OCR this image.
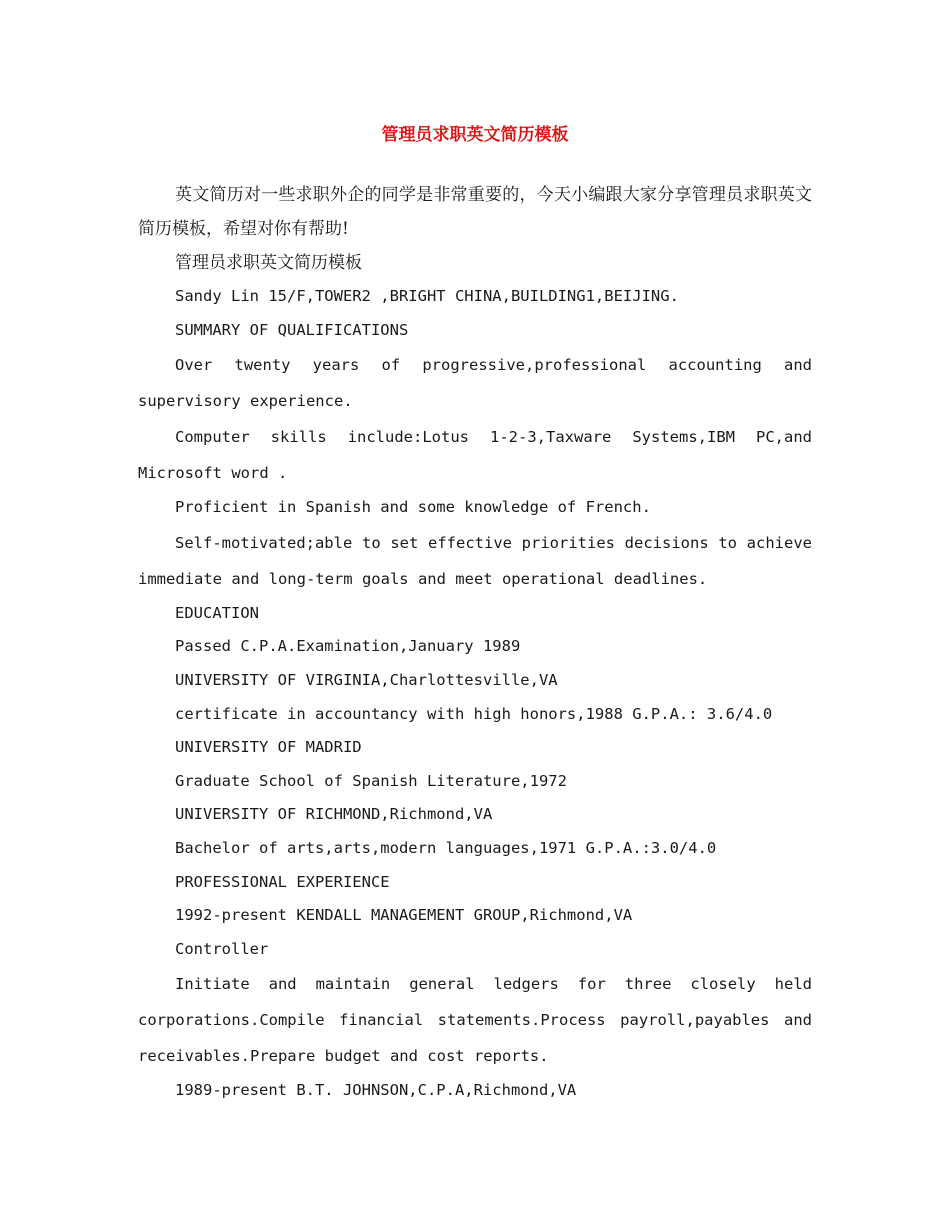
管理员求职英文简历模板

英文简历对一些求职外企的同学是非常重要的，今天小编跟大家分享管理员求职英文简历模板，希望对你有帮助!

管理员求职英文简历模板

Sandy Lin 15/F,TOWER2 ,BRIGHT CHINA,BUILDING1,BEIJING.

SUMMARY OF QUALIFICATIONS

Over twenty years of progressive,professional accounting and supervisory experience.

Computer skills include:Lotus 1-2-3,Taxware Systems,IBM PC,and Microsoft word .

Proficient in Spanish and some knowledge of French.

Self-motivated;able to set effective priorities decisions to achieve immediate and long-term goals and meet operational deadlines.

EDUCATION

Passed C.P.A.Examination,January 1989

UNIVERSITY OF VIRGINIA,Charlottesville,VA

certificate in accountancy with high honors,1988 G.P.A.: 3.6/4.0

UNIVERSITY OF MADRID

Graduate School of Spanish Literature,1972

UNIVERSITY OF RICHMOND,Richmond,VA

Bachelor of arts,arts,modern languages,1971 G.P.A.:3.0/4.0

PROFESSIONAL EXPERIENCE

1992-present KENDALL MANAGEMENT GROUP,Richmond,VA

Controller

Initiate and maintain general ledgers for three closely held corporations.Compile financial statements.Process payroll,payables and receivables.Prepare budget and cost reports.

1989-present B.T. JOHNSON,C.P.A,Richmond,VA
